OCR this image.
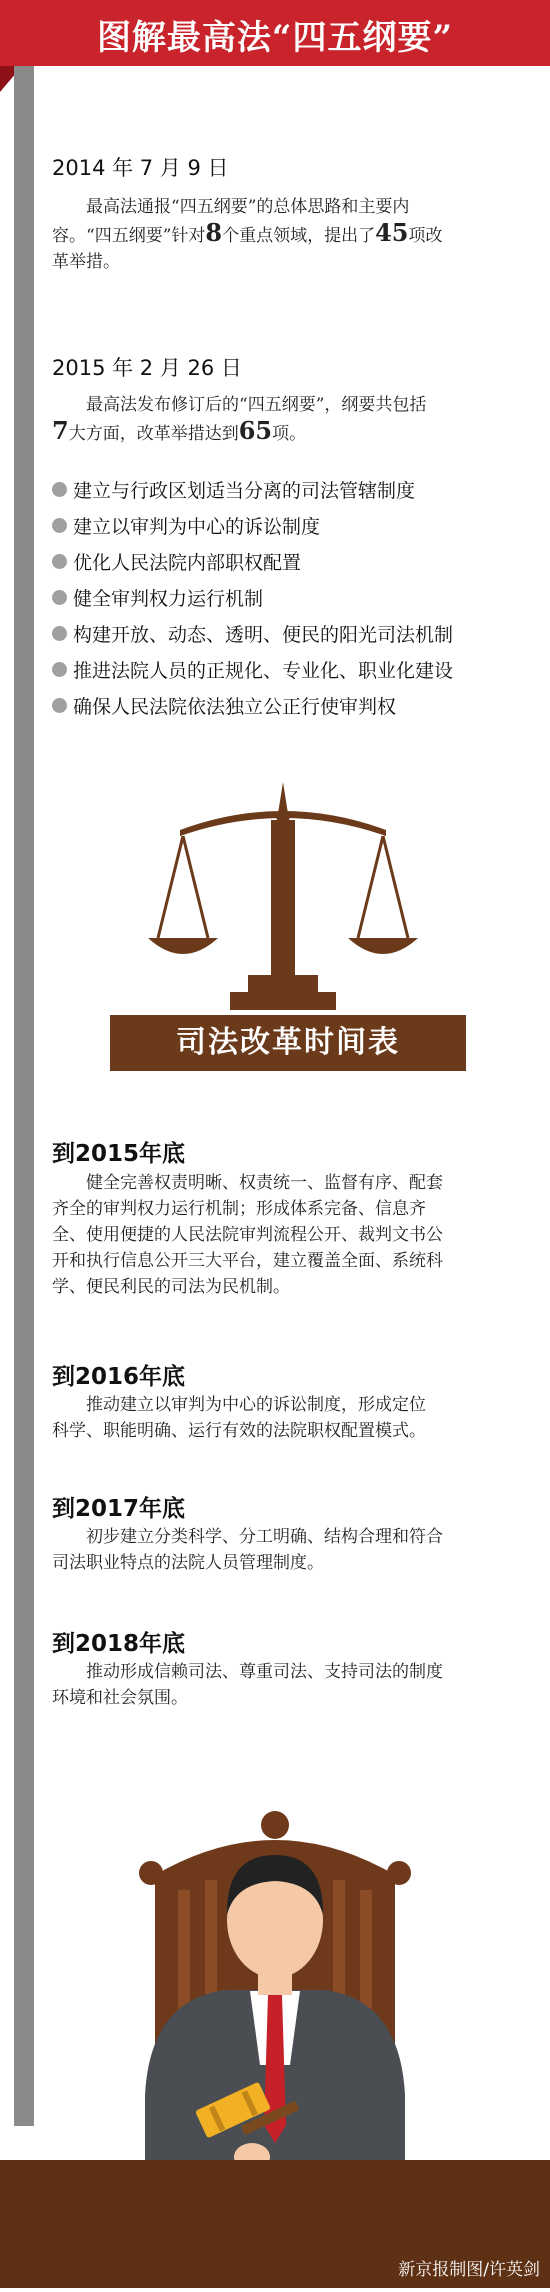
图解最高法“四五纲要”
2014 年 7 月 9 日
最高法通报“四五纲要”的总体思路和主要内
容。“四五纲要”针对8个重点领域，提出了45项改
革举措。
2015 年 2 月 26 日
最高法发布修订后的“四五纲要”，纲要共包括
7大方面，改革举措达到65项。
建立与行政区划适当分离的司法管辖制度
建立以审判为中心的诉讼制度
优化人民法院内部职权配置
健全审判权力运行机制
构建开放、动态、透明、便民的阳光司法机制
推进法院人员的正规化、专业化、职业化建设
确保人民法院依法独立公正行使审判权
司法改革时间表
到2015年底
健全完善权责明晰、权责统一、监督有序、配套
齐全的审判权力运行机制；形成体系完备、信息齐
全、使用便捷的人民法院审判流程公开、裁判文书公
开和执行信息公开三大平台，建立覆盖全面、系统科
学、便民利民的司法为民机制。
到2016年底
推动建立以审判为中心的诉讼制度，形成定位
科学、职能明确、运行有效的法院职权配置模式。
到2017年底
初步建立分类科学、分工明确、结构合理和符合
司法职业特点的法院人员管理制度。
到2018年底
推动形成信赖司法、尊重司法、支持司法的制度
环境和社会氛围。
新京报制图/许英剑
